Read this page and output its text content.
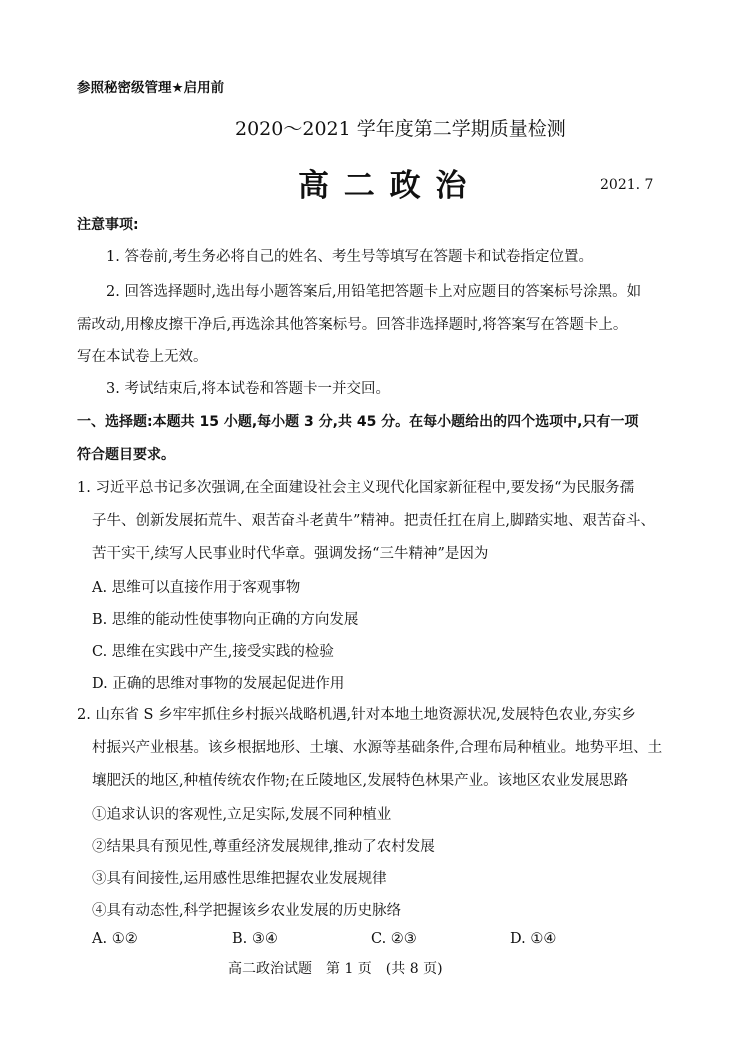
参照秘密级管理★启用前
2020～2021 学年度第二学期质量检测
高 二 政 治	2021. 7
注意事项:
1. 答卷前,考生务必将自己的姓名、考生号等填写在答题卡和试卷指定位置。
2. 回答选择题时,选出每小题答案后,用铅笔把答题卡上对应题目的答案标号涂黑。如
需改动,用橡皮擦干净后,再选涂其他答案标号。回答非选择题时,将答案写在答题卡上。
写在本试卷上无效。
3. 考试结束后,将本试卷和答题卡一并交回。
一、选择题:本题共 15 小题,每小题 3 分,共 45 分。在每小题给出的四个选项中,只有一项
符合题目要求。
1. 习近平总书记多次强调,在全面建设社会主义现代化国家新征程中,要发扬“为民服务孺
子牛、创新发展拓荒牛、艰苦奋斗老黄牛”精神。把责任扛在肩上,脚踏实地、艰苦奋斗、
苦干实干,续写人民事业时代华章。强调发扬“三牛精神”是因为
A. 思维可以直接作用于客观事物
B. 思维的能动性使事物向正确的方向发展
C. 思维在实践中产生,接受实践的检验
D. 正确的思维对事物的发展起促进作用
2. 山东省 S 乡牢牢抓住乡村振兴战略机遇,针对本地土地资源状况,发展特色农业,夯实乡
村振兴产业根基。该乡根据地形、土壤、水源等基础条件,合理布局种植业。地势平坦、土
壤肥沃的地区,种植传统农作物;在丘陵地区,发展特色林果产业。该地区农业发展思路
①追求认识的客观性,立足实际,发展不同种植业
②结果具有预见性,尊重经济发展规律,推动了农村发展
③具有间接性,运用感性思维把握农业发展规律
④具有动态性,科学把握该乡农业发展的历史脉络
A. ①②	B. ③④	C. ②③	D. ①④
高二政治试题　第 1 页　(共 8 页)
